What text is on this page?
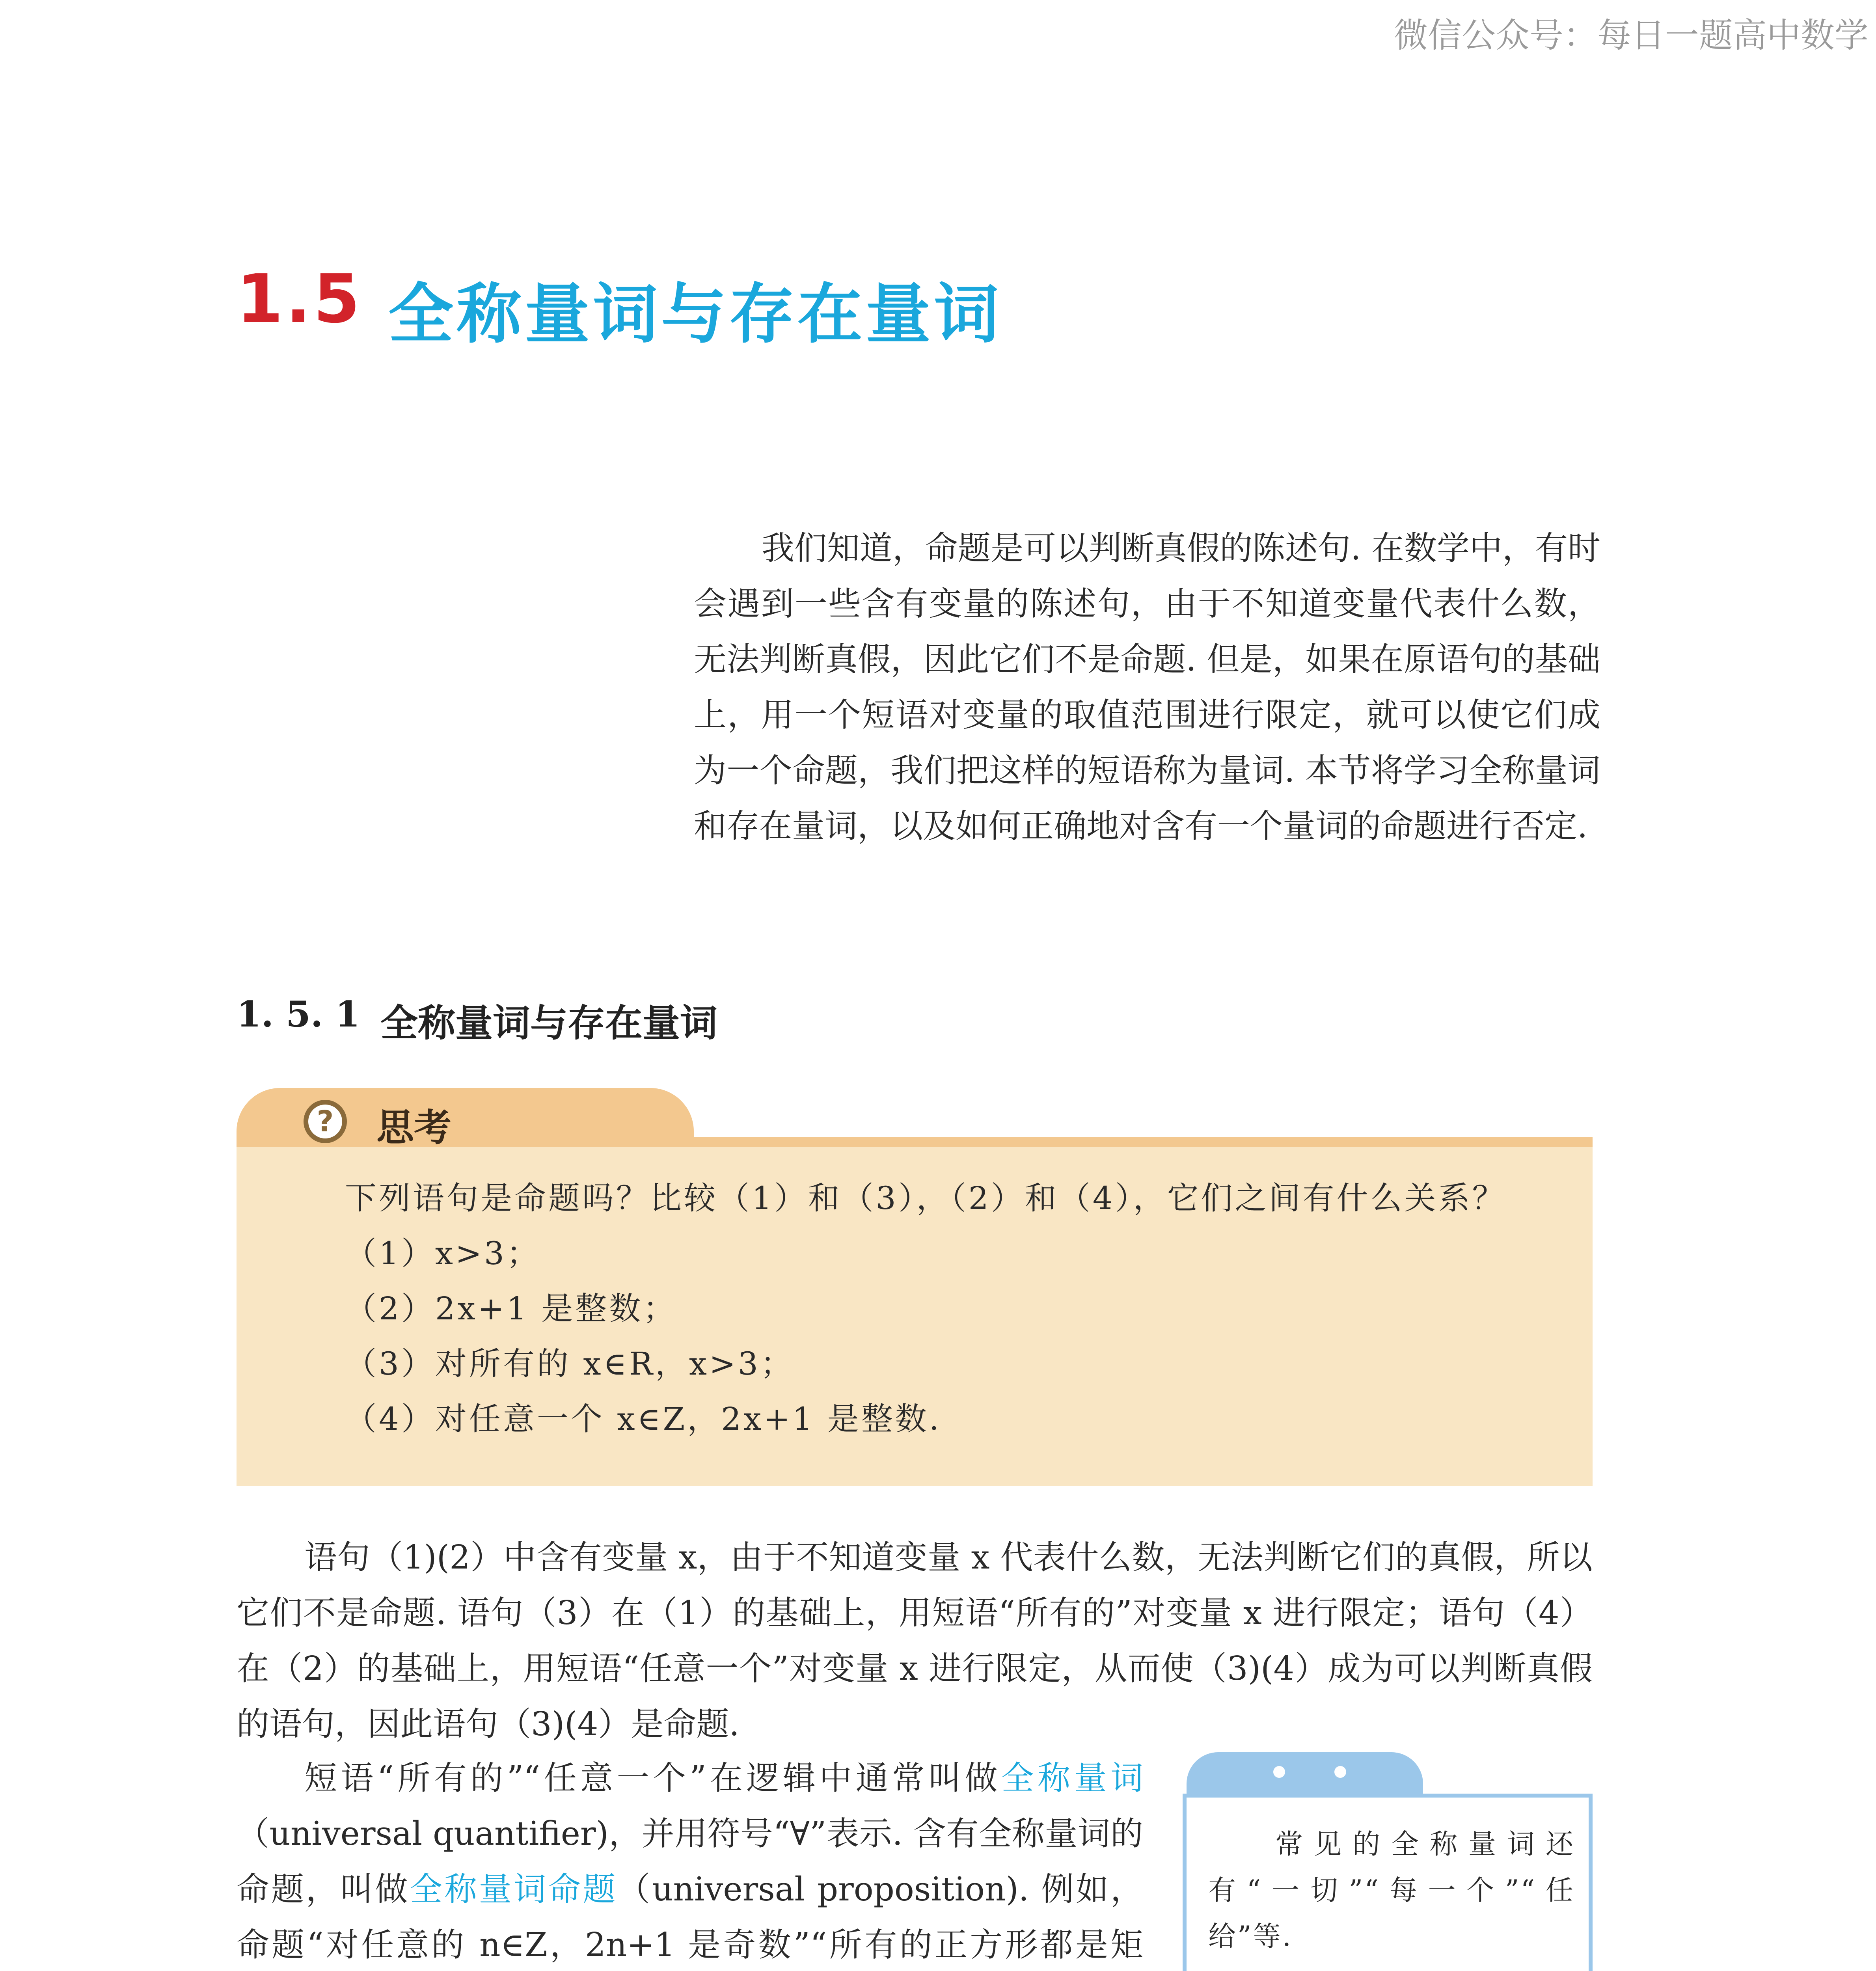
微信公众号：每日一题高中数学
1.5 全称量词与存在量词
我们知道，命题是可以判断真假的陈述句. 在数学中，有时会遇到一些含有变量的陈述句，由于不知道变量代表什么数，无法判断真假，因此它们不是命题. 但是，如果在原语句的基础上，用一个短语对变量的取值范围进行限定，就可以使它们成为一个命题，我们把这样的短语称为量词. 本节将学习全称量词和存在量词，以及如何正确地对含有一个量词的命题进行否定.
1. 5. 1 全称量词与存在量词
?	思考
下列语句是命题吗？比较（1）和（3），（2）和（4），它们之间有什么关系？
（1）x>3；
（2）2x+1 是整数；
（3）对所有的 x∈R，x>3；
（4）对任意一个 x∈Z，2x+1 是整数.
语句（1)(2）中含有变量 x，由于不知道变量 x 代表什么数，无法判断它们的真假，所以它们不是命题. 语句（3）在（1）的基础上，用短语“所有的”对变量 x 进行限定；语句（4）在（2）的基础上，用短语“任意一个”对变量 x 进行限定，从而使（3)(4）成为可以判断真假的语句，因此语句（3)(4）是命题.
短语“所有的”“任意一个”在逻辑中通常叫做全称量词（universal quantifier)，并用符号“∀”表示. 含有全称量词的命题，叫做全称量词命题（universal proposition). 例如，命题“对任意的 n∈Z，2n+1 是奇数”“所有的正方形都是矩
常见的全称量词还有“一切”“每一个”“任给”等.
